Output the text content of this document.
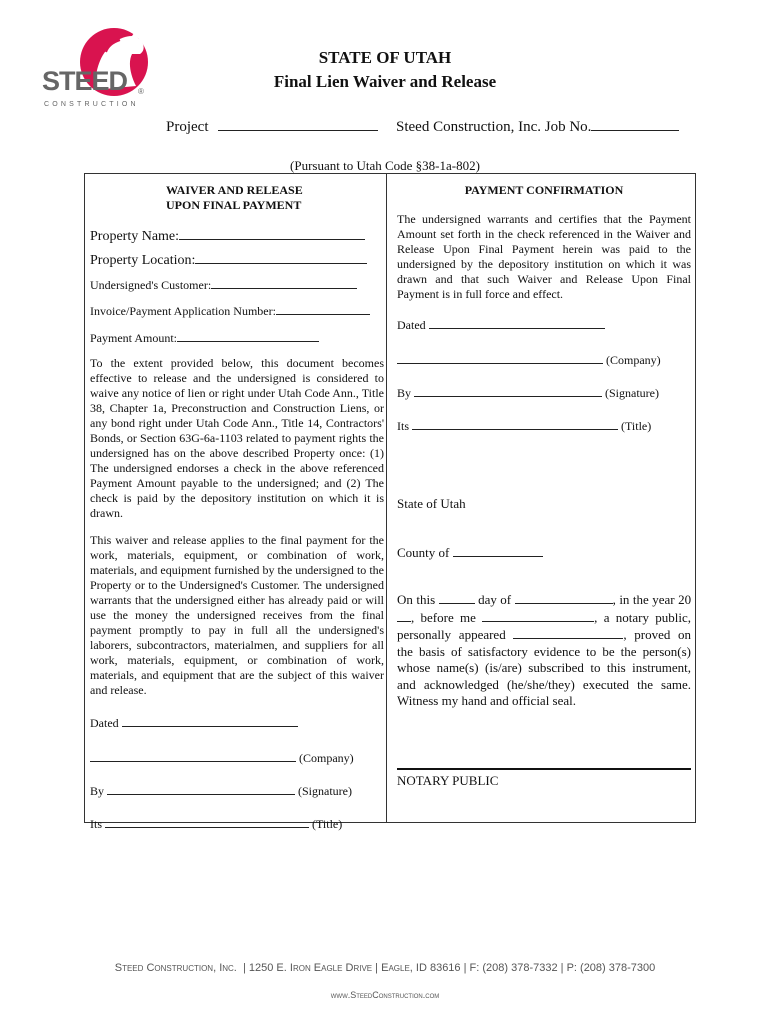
STEED ®
CONSTRUCTION
STATE OF UTAH
Final Lien Waiver and Release
Project	Steed Construction, Inc. Job No.
(Pursuant to Utah Code §38-1a-802)
WAIVER AND RELEASE
UPON FINAL PAYMENT
Property Name:
Property Location:
Undersigned's Customer:
Invoice/Payment Application Number:
Payment Amount:
To the extent provided below, this document becomes effective to release and the undersigned is considered to waive any notice of lien or right under Utah Code Ann., Title 38, Chapter 1a, Preconstruction and Construction Liens, or any bond right under Utah Code Ann., Title 14, Contractors' Bonds, or Section 63G-6a-1103 related to payment rights the undersigned has on the above described Property once: (1) The undersigned endorses a check in the above referenced Payment Amount payable to the undersigned; and (2) The check is paid by the depository institution on which it is drawn.
This waiver and release applies to the final payment for the work, materials, equipment, or combination of work, materials, and equipment furnished by the undersigned to the Property or to the Undersigned's Customer. The undersigned warrants that the undersigned either has already paid or will use the money the undersigned receives from the final payment promptly to pay in full all the undersigned's laborers, subcontractors, materialmen, and suppliers for all work, materials, equipment, or combination of work, materials, and equipment that are the subject of this waiver and release.
Dated
(Company)
By	(Signature)
Its	(Title)
PAYMENT CONFIRMATION
The undersigned warrants and certifies that the Payment Amount set forth in the check referenced in the Waiver and Release Upon Final Payment herein was paid to the undersigned by the depository institution on which it was drawn and that such Waiver and Release Upon Final Payment is in full force and effect.
Dated
(Company)
By	(Signature)
Its	(Title)
State of Utah
County of
On this	day of	, in the year 20, before me	, a notary public, personally appeared	, proved on the basis of satisfactory evidence to be the person(s) whose name(s) (is/are) subscribed to this instrument, and acknowledged (he/she/they) executed the same. Witness my hand and official seal.
NOTARY PUBLIC
Steed Construction, Inc.  | 1250 E. Iron Eagle Drive | Eagle, ID 83616 | F: (208) 378-7332 | P: (208) 378-7300
www.SteedConstruction.com
